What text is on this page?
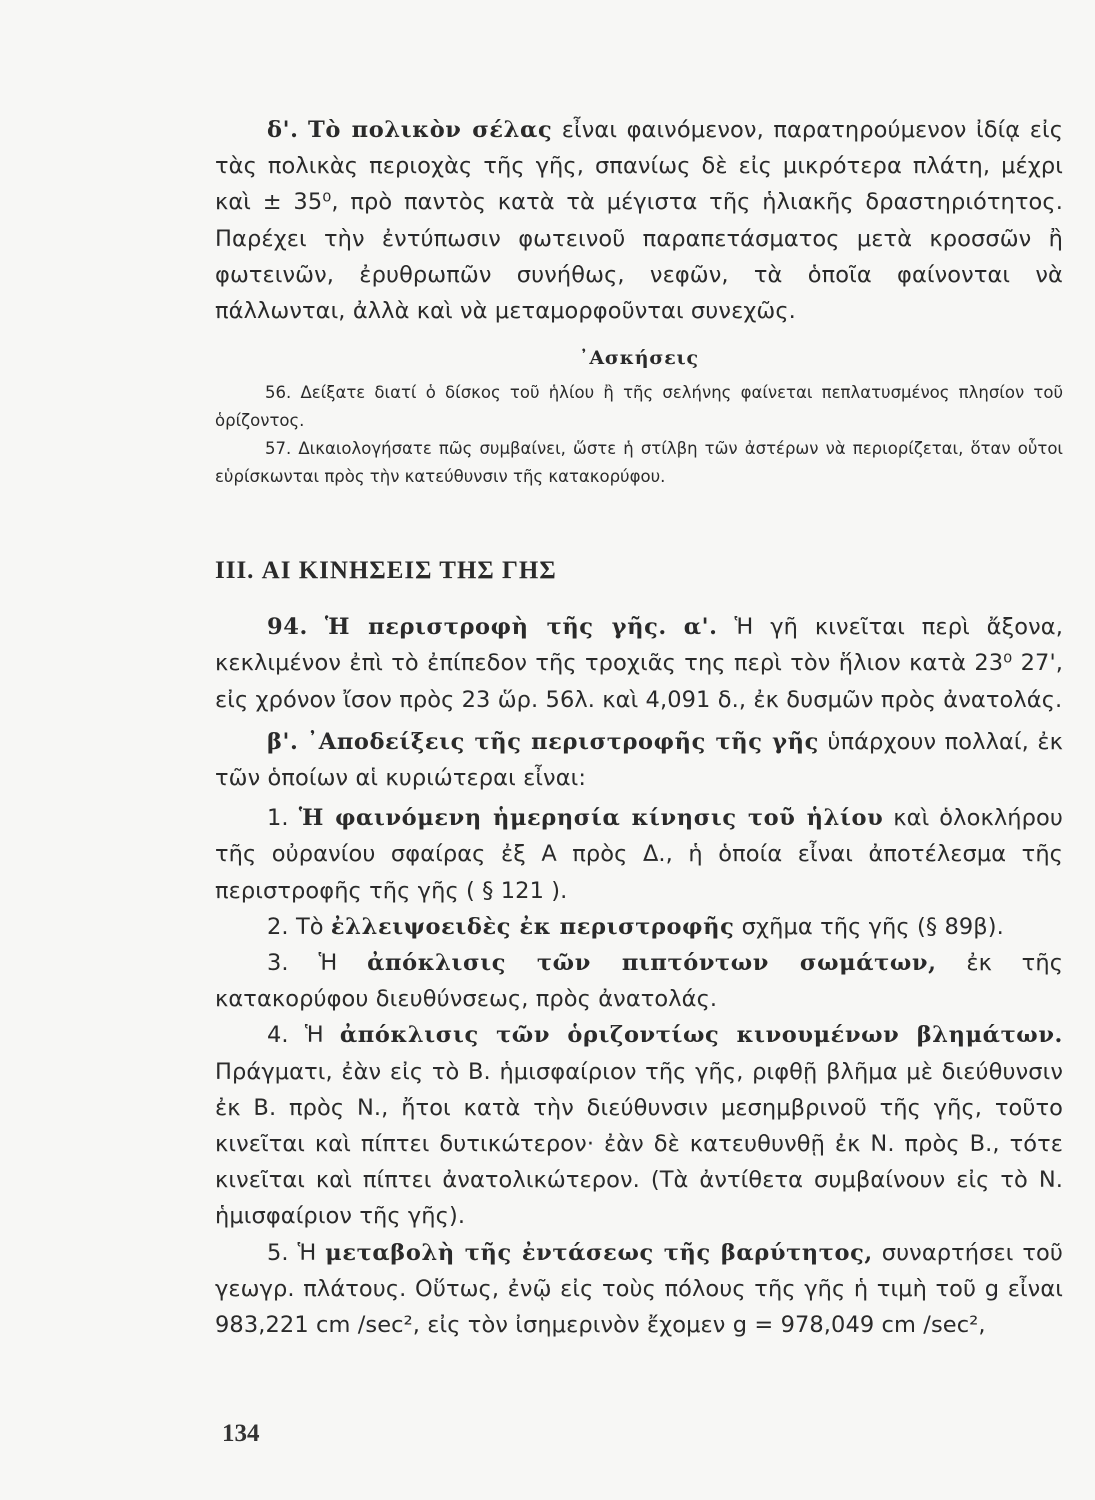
δ'. Τὸ πολικὸν σέλας εἶναι φαινόμενον, παρατηρούμενον ἰδίᾳ εἰς τὰς πολικὰς περιοχὰς τῆς γῆς, σπανίως δὲ εἰς μικρότερα πλάτη, μέχρι καὶ ± 35⁰, πρὸ παντὸς κατὰ τὰ μέγιστα τῆς ἡλιακῆς δραστηριότητος. Παρέχει τὴν ἐντύπωσιν φωτεινοῦ παραπετάσματος μετὰ κροσσῶν ἢ φωτεινῶν, ἐρυθρωπῶν συνήθως, νεφῶν, τὰ ὁποῖα φαίνονται νὰ πάλλωνται, ἀλλὰ καὶ νὰ μεταμορφοῦνται συνεχῶς.

᾿Ασκήσεις

56. Δείξατε διατί ὁ δίσκος τοῦ ἡλίου ἢ τῆς σελήνης φαίνεται πεπλατυσμένος πλησίον τοῦ ὁρίζοντος.

57. Δικαιολογήσατε πῶς συμβαίνει, ὥστε ἡ στίλβη τῶν ἀστέρων νὰ περιορίζεται, ὅταν οὗτοι εὑρίσκωνται πρὸς τὴν κατεύθυνσιν τῆς κατακορύφου.

III. ΑΙ ΚΙΝΗΣΕΙΣ ΤΗΣ ΓΗΣ

94. Ἡ περιστροφὴ τῆς γῆς. α'. Ἡ γῆ κινεῖται περὶ ἄξονα, κεκλιμένον ἐπὶ τὸ ἐπίπεδον τῆς τροχιᾶς της περὶ τὸν ἥλιον κατὰ 23⁰ 27', εἰς χρόνον ἴσον πρὸς 23 ὥρ. 56λ. καὶ 4,091 δ., ἐκ δυσμῶν πρὸς ἀνατολάς.

β'. ᾿Αποδείξεις τῆς περιστροφῆς τῆς γῆς ὑπάρχουν πολλαί, ἐκ τῶν ὁποίων αἱ κυριώτεραι εἶναι:

1. Ἡ φαινόμενη ἡμερησία κίνησις τοῦ ἡλίου καὶ ὁλοκλήρου τῆς οὐρανίου σφαίρας ἐξ Α πρὸς Δ., ἡ ὁποία εἶναι ἀποτέλεσμα τῆς περιστροφῆς τῆς γῆς ( § 121 ).

2. Τὸ ἐλλειψοειδὲς ἐκ περιστροφῆς σχῆμα τῆς γῆς (§ 89β).

3. Ἡ ἀπόκλισις τῶν πιπτόντων σωμάτων, ἐκ τῆς κατακορύφου διευθύνσεως, πρὸς ἀνατολάς.

4. Ἡ ἀπόκλισις τῶν ὁριζοντίως κινουμένων βλημάτων. Πράγματι, ἐὰν εἰς τὸ Β. ἡμισφαίριον τῆς γῆς, ριφθῇ βλῆμα μὲ διεύθυνσιν ἐκ Β. πρὸς Ν., ἤτοι κατὰ τὴν διεύθυνσιν μεσημβρινοῦ τῆς γῆς, τοῦτο κινεῖται καὶ πίπτει δυτικώτερον· ἐὰν δὲ κατευθυνθῇ ἐκ Ν. πρὸς Β., τότε κινεῖται καὶ πίπτει ἀνατολικώτερον. (Τὰ ἀντίθετα συμβαίνουν εἰς τὸ Ν. ἡμισφαίριον τῆς γῆς).

5. Ἡ μεταβολὴ τῆς ἐντάσεως τῆς βαρύτητος, συναρτήσει τοῦ γεωγρ. πλάτους. Οὕτως, ἐνῷ εἰς τοὺς πόλους τῆς γῆς ἡ τιμὴ τοῦ g εἶναι 983,221 cm /sec², εἰς τὸν ἰσημερινὸν ἔχομεν g = 978,049 cm /sec²,

134
